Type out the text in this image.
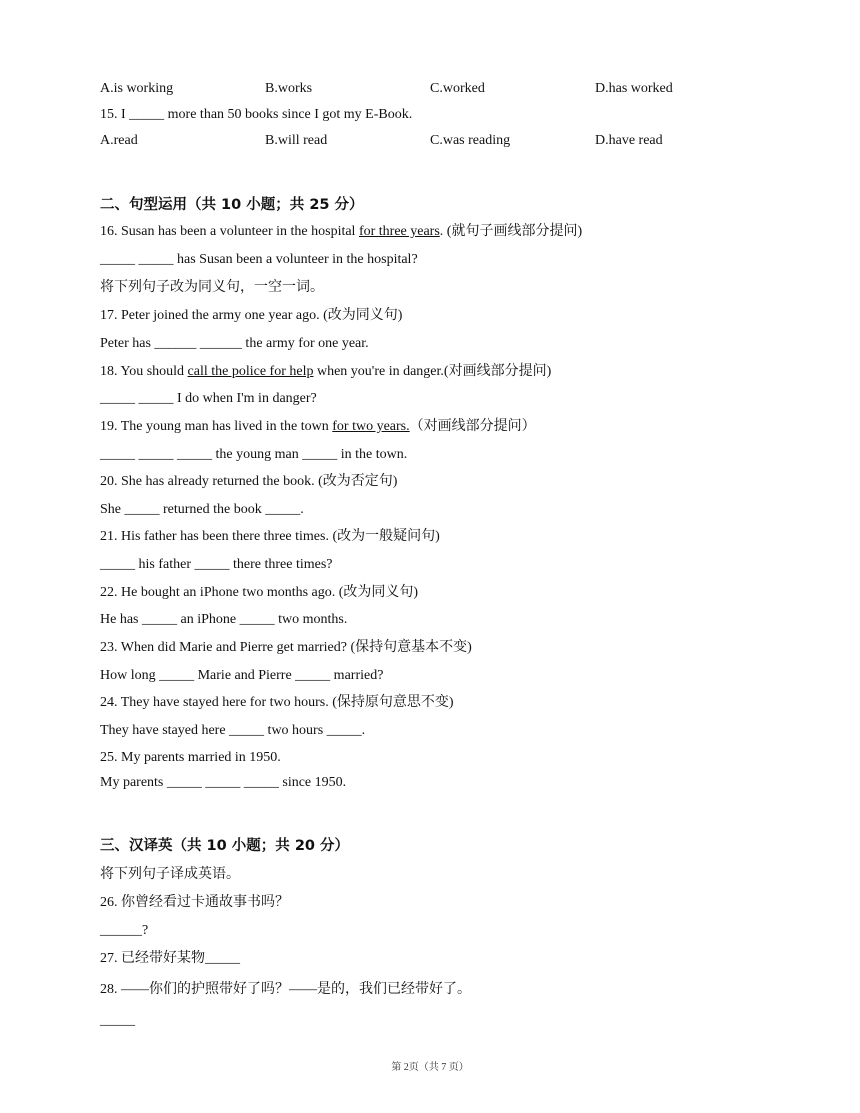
A.is working	B.works	C.worked	D.has worked
15. I _____ more than 50 books since I got my E-Book.
A.read	B.will read	C.was reading	D.have read
二、句型运用（共 10 小题；共 25 分）
16. Susan has been a volunteer in the hospital for three years. (就句子画线部分提问)
_____ _____ has Susan been a volunteer in the hospital?
将下列句子改为同义句，一空一词。
17. Peter joined the army one year ago. (改为同义句)
Peter has ______ ______ the army for one year.
18. You should call the police for help when you're in danger.(对画线部分提问)
_____ _____ I do when I'm in danger?
19. The young man has lived in the town for two years.（对画线部分提问）
_____ _____ _____ the young man _____ in the town.
20. She has already returned the book. (改为否定句)
She _____ returned the book _____.
21. His father has been there three times. (改为一般疑问句)
_____ his father _____ there three times?
22. He bought an iPhone two months ago. (改为同义句)
He has _____ an iPhone _____ two months.
23. When did Marie and Pierre get married? (保持句意基本不变)
How long _____ Marie and Pierre _____ married?
24. They have stayed here for two hours. (保持原句意思不变)
They have stayed here _____ two hours _____.
25. My parents married in 1950.
My parents _____ _____ _____ since 1950.
三、汉译英（共 10 小题；共 20 分）
将下列句子译成英语。
26. 你曾经看过卡通故事书吗？
______?
27. 已经带好某物_____
28. ——你们的护照带好了吗？——是的，我们已经带好了。
_____
第 2页（共 7 页）
